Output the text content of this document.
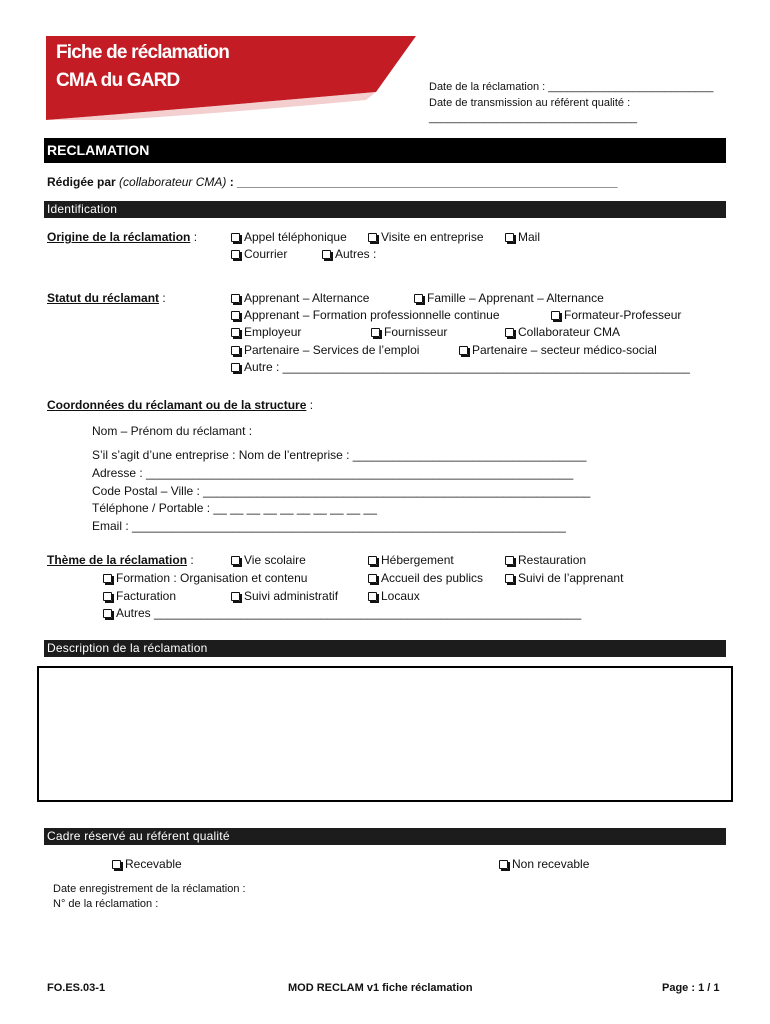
Fiche de réclamation
CMA du GARD	Date de la réclamation : ___________________________
Date de transmission au référent qualité :
__________________________________
RECLAMATION
Rédigée par (collaborateur CMA) : _________________________________________________________
Identification
Origine de la réclamation :	Appel téléphonique	Visite en entreprise	Mail
Courrier	Autres :
Statut du réclamant :	Apprenant – Alternance	Famille – Apprenant – Alternance
Apprenant – Formation professionnelle continue	Formateur-Professeur
Employeur	Fournisseur	Collaborateur CMA
Partenaire – Services de l’emploi	Partenaire – secteur médico-social
Autre : _____________________________________________________________
Coordonnées du réclamant ou de la structure :
Nom – Prénom du réclamant :
S’il s’agit d’une entreprise : Nom de l’entreprise : ___________________________________
Adresse : ________________________________________________________________
Code Postal – Ville : __________________________________________________________
Téléphone / Portable : __ __ __ __ __ __ __ __ __ __
Email : _________________________________________________________________
Thème de la réclamation :	Vie scolaire	Hébergement	Restauration
Formation : Organisation et contenu	Accueil des publics	Suivi de l’apprenant
Facturation	Suivi administratif	Locaux
Autres ________________________________________________________________
Description de la réclamation
Cadre réservé au référent qualité
Recevable	Non recevable
Date enregistrement de la réclamation :
N° de la réclamation :
FO.ES.03-1	MOD RECLAM v1 fiche réclamation	Page : 1 / 1
